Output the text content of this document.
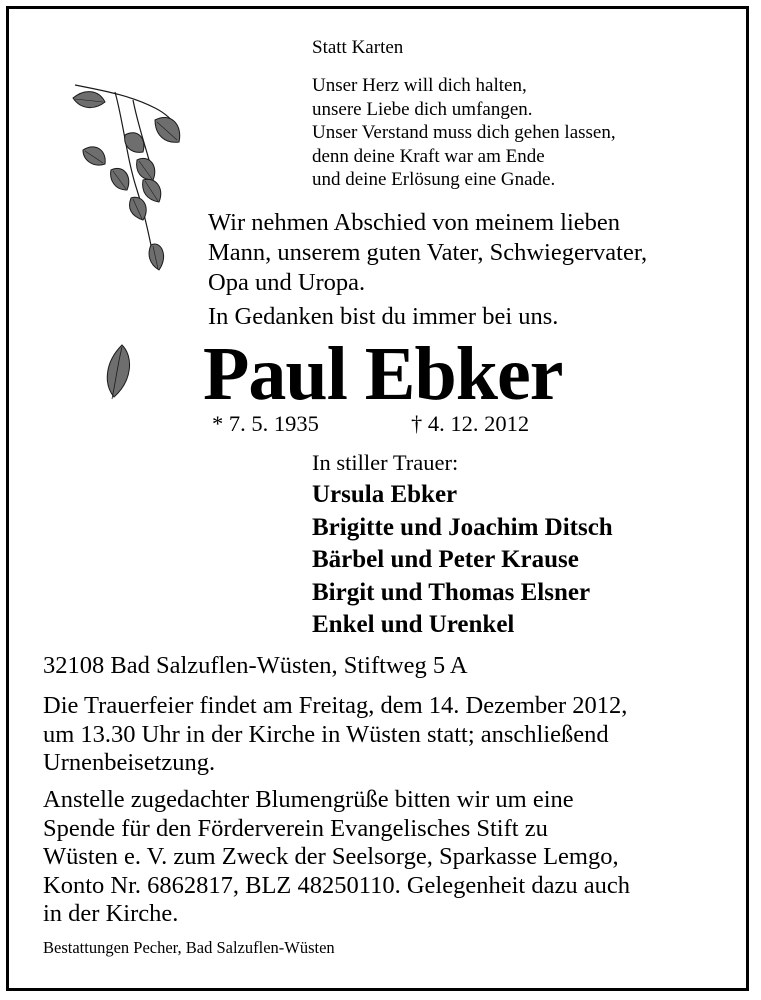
Statt Karten
Unser Herz will dich halten,
unsere Liebe dich umfangen.
Unser Verstand muss dich gehen lassen,
denn deine Kraft war am Ende
und deine Erlösung eine Gnade.
Wir nehmen Abschied von meinem lieben
Mann, unserem guten Vater, Schwiegervater,
Opa und Uropa.
In Gedanken bist du immer bei uns.
Paul Ebker
* 7. 5. 1935	† 4. 12. 2012
In stiller Trauer:
Ursula Ebker
Brigitte und Joachim Ditsch
Bärbel und Peter Krause
Birgit und Thomas Elsner
Enkel und Urenkel
32108 Bad Salzuflen-Wüsten, Stiftweg 5 A
Die Trauerfeier findet am Freitag, dem 14. Dezember 2012,
um 13.30 Uhr in der Kirche in Wüsten statt; anschließend
Urnenbeisetzung.
Anstelle zugedachter Blumengrüße bitten wir um eine
Spende für den Förderverein Evangelisches Stift zu
Wüsten e. V. zum Zweck der Seelsorge, Sparkasse Lemgo,
Konto Nr. 6862817, BLZ 48250110. Gelegenheit dazu auch
in der Kirche.
Bestattungen Pecher, Bad Salzuflen-Wüsten
